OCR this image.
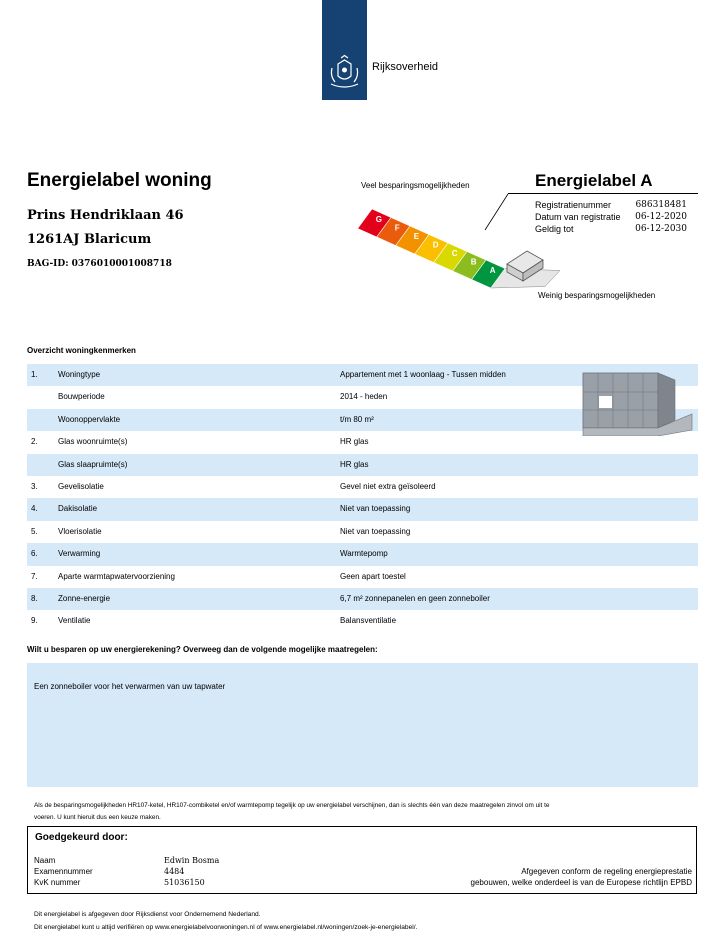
Rijksoverheid
Energielabel woning
Prins Hendriklaan 46
1261AJ Blaricum
BAG-ID: 0376010001008718
G
F
E
D
C
B
A
Veel besparingsmogelijkheden
Weinig besparingsmogelijkheden
Energielabel A
Registratienummer	686318481
Datum van registratie 06-12-2020
Geldig tot	06-12-2030
Overzicht woningkenmerken
1.	Woningtype	Appartement met 1 woonlaag - Tussen midden
Bouwperiode	2014 - heden
Woonoppervlakte	t/m 80 m²
2.	Glas woonruimte(s)	HR glas
Glas slaapruimte(s)	HR glas
3.	Gevelisolatie	Gevel niet extra geïsoleerd
4.	Dakisolatie	Niet van toepassing
5.	Vloerisolatie	Niet van toepassing
6.	Verwarming	Warmtepomp
7.	Aparte warmtapwatervoorziening	Geen apart toestel
8.	Zonne-energie	6,7 m² zonnepanelen en geen zonneboiler
9.	Ventilatie	Balansventilatie
Wilt u besparen op uw energierekening? Overweeg dan de volgende mogelijke maatregelen:
Een zonneboiler voor het verwarmen van uw tapwater
Als de besparingsmogelijkheden HR107-ketel, HR107-combiketel en/of warmtepomp tegelijk op uw energielabel verschijnen, dan is slechts één van deze maatregelen zinvol om uit te
voeren. U kunt hieruit dus een keuze maken.
Goedgekeurd door:
Naam	Edwin Bosma
Examennummer	4484
KvK nummer	51036150
Afgegeven conform de regeling energieprestatie
gebouwen, welke onderdeel is van de Europese richtlijn EPBD
Dit energielabel is afgegeven door Rijksdienst voor Ondernemend Nederland.
Dit energielabel kunt u altijd verifiëren op www.energielabelvoorwoningen.nl of www.energielabel.nl/woningen/zoek-je-energielabel/.
